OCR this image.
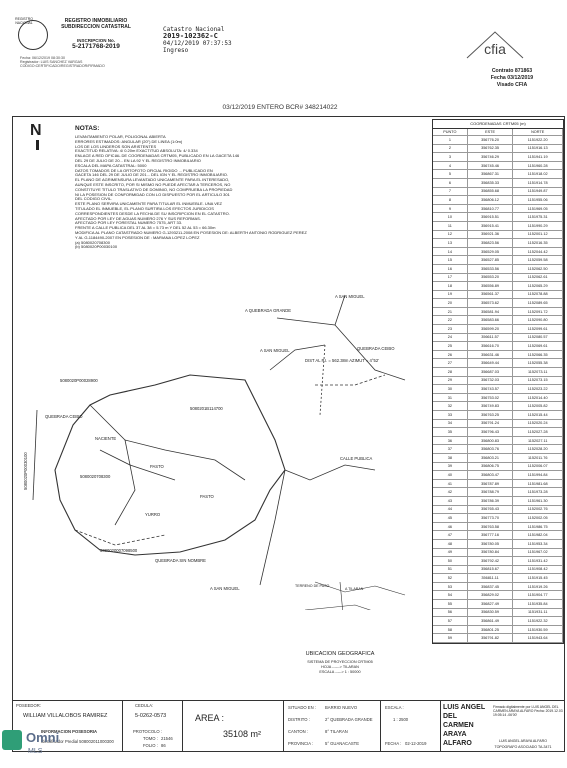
REGISTRO INMOBILIARIO SUBDIRECCION CATASTRAL
INSCRIPCION No.
5-2171768-2019
Fecha: 06/12/2019 08:30:30
Registrador: LUIS SANCHEZ VARGAS
CODIGO:CERTIFICADO/REGISTRADOR/FIRMADO
REGISTRO NACIONAL
Catastro Nacional
2019-102362-C
04/12/2019 07:37:53
Ingreso	cfia
Contrato 871863
Fecha 03/12/2019
Visado CFIA
03/12/2019 ENTERO BCR# 348214022
N	NOTAS:
LEVANTAMIENTO POLAR, POLIGONAL ABIERTA
ERRORES ESTIMADOS: ANGULAR (20") DE LINEA (1:0m)
LOS DE LOS LINDEROS SON ARISTENTES
EXACTITUD RELATIVA: 4/ 0.20m EXACTITUD ABSOLUTA: 4/ 0.334
ENLACE A RED OFICIAL DE COORDENADAS CRTM05, PUBLICADO EN LA GACETA 146
DEL 29 DE JULIO DE 20... EN LA 92 Y EL REGISTRO INMOBILIARIO
ESCALA DEL MAPA CATASTRAL: 5000
DATOS TOMADOS DE LA ORTOFOTO OFICIAL RIGIDO ... PUBLICADO EN
GACETA 146 DEL 29 DE JULIO DE 201... DEL IGN Y EL REGISTRO INMOBILIARIO.
EL PLANO DE AGRIMENSURA LEVANTADO UNICAMENTE PARA EL INTERESADO,
AUNQUE ESTE INSCRITO, POR SI MISMO NO PUEDE AFECTAR A TERCEROS, NO
CONSTITUYE TITULO TRASLATIVO DE DOMINIO, NO COMPRUEBA LA PROPIEDAD
NI LA POSESION DE CONFORMIDAD CON LO DISPUESTO POR EL ARTICULO 301
DEL CODIGO CIVIL.
ESTE PLANO SERVIRA UNICAMENTE PARA TITULAR EL INMUEBLE. UNA VEZ
TITULADO EL INMUEBLE, EL PLANO SURTIRA LOS EFECTOS JURIDICOS
CORRESPONDIENTES DESDE LA FECHA DE SU INSCRIPCION EN EL CATASTRO.
AFECTADO POR LEY DE AGUAS NUMERO 276 Y SUS REFORMAS.
AFECTADO POR LEY FORESTAL NUMERO 7575, ART 33.
FRENTE A CALLE PUBLICA DEL 37 AL 38 = 5.73 m Y DEL 52 AL 53 = 66.30m
MODIFICA AL PLANO CATASTRADO NUMERO G-1293211-2008 EN POSESION DE: ALBERTH ANTONIO RODRIGUEZ PEREZ
Y AL G-1184490-2007 EN POSESION DE : MARIANA LOPEZ LOPEZ
(a) 5080020708300
(b) 5080020P00030100
COORDENADAS CRTM05 (m)
PUNTO	ESTE	NORTE
1	356776.20	1151922.20
2	356762.35	1151916.13
3	356746.29	1151941.19
4	356745.46	1151960.28
5	356867.31	1151918.02
6	356835.33	1151914.78
7	356855.68	1151949.87
8	356806.12	1151955.06
9	356810.77	1151969.05
10	356915.51	1151975.31
11	356915.41	1151990.29
12	356921.36	1152001.12
13	356823.56	1152016.35
14	356529.05	1152044.42
15	356527.85	1152059.58
16	356533.56	1152062.50
17	356553.20	1152062.61
18	356556.89	1152065.29
19	356561.37	1152078.88
20	356573.62	1152089.65
21	356581.94	1152091.72
22	356583.66	1152090.80
23	356599.20	1152099.61
24	356611.57	1152080.57
25	356616.70	1152069.61
26	356631.46	1152066.35
27	356649.44	1152055.38
28	356687.03	1152073.11
29	356732.03	1152073.15
30	356743.57	1152023.22
31	356753.02	1152014.40
32	356749.83	1152005.82
33	356763.25	1152015.44
34	356791.24	1152020.24
35	356796.43	1152027.28
36	356800.83	1152027.11
37	356803.76	1152028.20
38	356803.21	1152011.76
39	356806.75	1152006.07
40	356803.47	1151994.84
41	356787.89	1151981.68
42	356788.79	1151973.28
43	356786.39	1151961.30
44	356765.43	1152002.76
45	356773.70	1152002.05
46	356763.58	1151986.75
47	356777.16	1151982.04
48	356780.05	1151953.34
49	356780.84	1151967.02
50	356792.42	1151931.42
51	356815.67	1151908.42
52	356811.11	1151915.45
53	356837.45	1151919.26
54	356829.02	1151904.77
55	356827.49	1151935.84
56	356830.59	1151931.11
57	356861.49	1151922.32
58	356801.25	1151930.59
59	356791.82	1151943.64
A QUEBRADA GRANDE
A SAN MIGUEL
A SAN MIGUEL
A SAN MIGUEL
QUEBRADA CEIBO
QUEBRADA CEIBO
DIST AL P.I. = 562.38m AZIMUT = 4°52'
5080020P00028900
5080201B114700
5080020708300
5080020007098500
PASTO
PASTO
NACIENTE
YURRO
QUEBRADA SIN NOMBRE
CALLE PUBLICA
5080020P00030100
TERRENO DE PASO
A TILARAN
UBICACION GEOGRAFICA
SISTEMA DE PROYECCION CRTM05
HOJA ------> TILARAN
ESCALA -----> 1 : 50000
POSEEDOR:
WILLIAM VILLALOBOS RAMIREZ
CEDULA:
5-0262-0573
INFORMACION POSESORIA
Identificador Predial 508002011000300
PROTOCOLO :
TOMO : 21546
FOLIO : 86
AREA :
35108 m²
SITUADO EN : BARRIO NUEVO
DISTRITO :	2° QUEBRADA GRANDE
CANTON :	8° TILARAN
PROVINCIA :	5° GUANACASTE
ESCALA :
1 : 2500
FECHA : 02-12-2019
LUIS ANGEL DEL CARMEN ARAYA ALFARO
Firmado digitalmente por LUIS ANGEL DEL CARMEN ARAYA ALFARO Fecha: 2019.12.03 19:05:14 -06'00'
LUIS ANGEL ARAYA ALFARO
TOPOGRAFO ASOCIADO TA-3471
Omni
MLS
